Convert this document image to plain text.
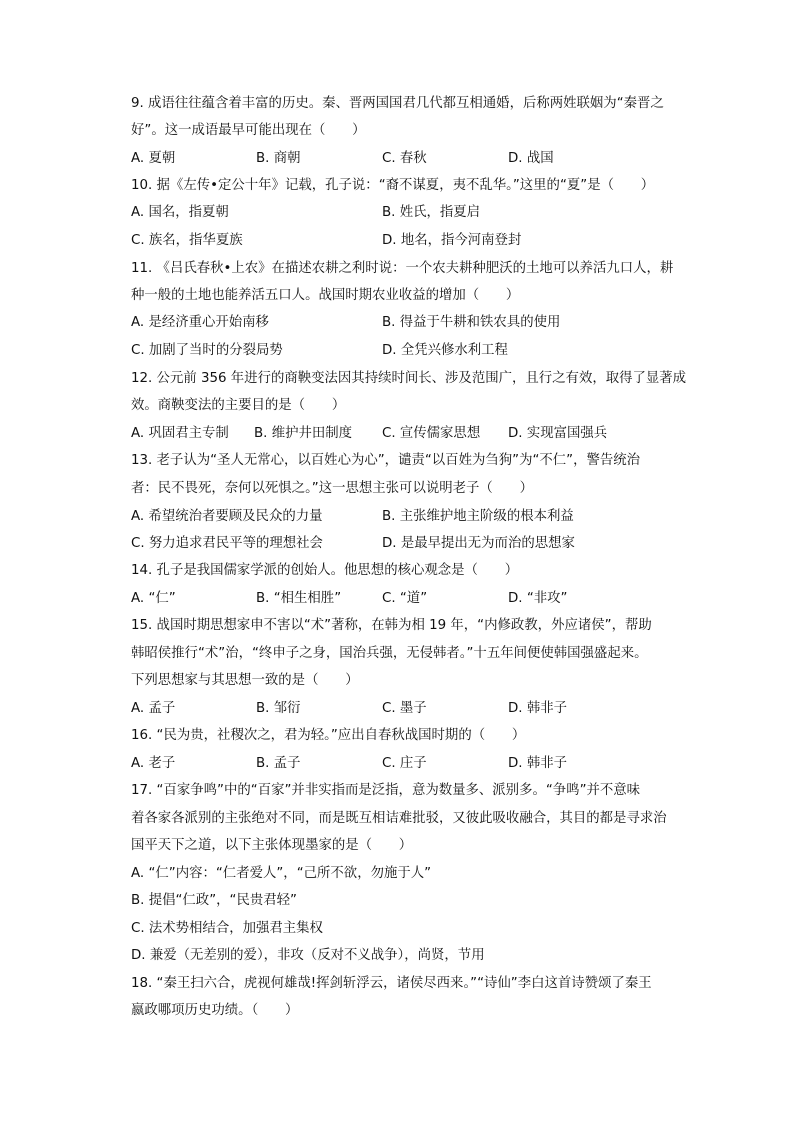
9. 成语往往蕴含着丰富的历史。秦、晋两国国君几代都互相通婚，后称两姓联姻为“秦晋之
好”。这一成语最早可能出现在（　　）
A. 夏朝	B. 商朝	C. 春秋	D. 战国
10. 据《左传•定公十年》记载，孔子说：“裔不谋夏，夷不乱华。”这里的“夏”是（　　）
A. 国名，指夏朝	B. 姓氏，指夏启
C. 族名，指华夏族	D. 地名，指今河南登封
11. 《吕氏春秋•上农》在描述农耕之利时说：一个农夫耕种肥沃的土地可以养活九口人，耕
种一般的土地也能养活五口人。战国时期农业收益的增加（　　）
A. 是经济重心开始南移	B. 得益于牛耕和铁农具的使用
C. 加剧了当时的分裂局势	D. 全凭兴修水利工程
12. 公元前 356 年进行的商鞅变法因其持续时间长、涉及范围广，且行之有效，取得了显著成
效。商鞅变法的主要目的是（　　）
A. 巩固君主专制 B. 维护井田制度 C. 宣传儒家思想 D. 实现富国强兵
13. 老子认为“圣人无常心，以百姓心为心”，谴责“以百姓为刍狗”为“不仁”，警告统治
者：民不畏死，奈何以死惧之。”这一思想主张可以说明老子（　　）
A. 希望统治者要顾及民众的力量	B. 主张维护地主阶级的根本利益
C. 努力追求君民平等的理想社会	D. 是最早提出无为而治的思想家
14. 孔子是我国儒家学派的创始人。他思想的核心观念是（　　）
A. “仁”	B. “相生相胜”	C. “道”	D. “非攻”
15. 战国时期思想家申不害以“术”著称，在韩为相 19 年，“内修政教，外应诸侯”，帮助
韩昭侯推行“术”治，“终申子之身，国治兵强，无侵韩者。”十五年间便使韩国强盛起来。
下列思想家与其思想一致的是（　　）
A. 孟子	B. 邹衍	C. 墨子	D. 韩非子
16. “民为贵，社稷次之，君为轻。”应出自春秋战国时期的（　　）
A. 老子	B. 孟子	C. 庄子	D. 韩非子
17. “百家争鸣”中的“百家”并非实指而是泛指，意为数量多、派别多。“争鸣”并不意味
着各家各派别的主张绝对不同，而是既互相诘难批驳，又彼此吸收融合，其目的都是寻求治
国平天下之道，以下主张体现墨家的是（　　）
A. “仁”内容：“仁者爱人”，“己所不欲，勿施于人”
B. 提倡“仁政”，“民贵君轻”
C. 法术势相结合，加强君主集权
D. 兼爱（无差别的爱），非攻（反对不义战争），尚贤，节用
18. “秦王扫六合，虎视何雄哉!挥剑斩浮云，诸侯尽西来。”“诗仙”李白这首诗赞颂了秦王
嬴政哪项历史功绩。（　　）
